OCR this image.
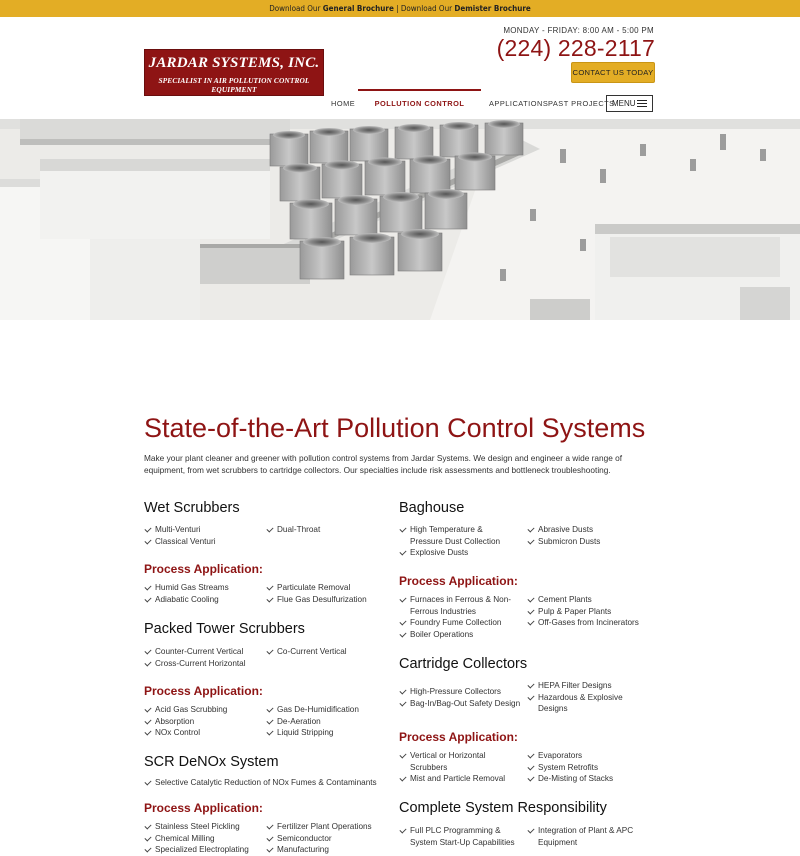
Download Our General Brochure | Download Our Demister Brochure
JARDAR SYSTEMS, INC.
SPECIALIST IN AIR POLLUTION CONTROL EQUIPMENT
MONDAY - FRIDAY: 8:00 AM - 5:00 PM
(224) 228-2117
CONTACT US TODAY
HOME	POLLUTION CONTROL	APPLICATIONS PAST PROJECTS
MENU
State-of-the-Art Pollution Control Systems

Make your plant cleaner and greener with pollution control systems from Jardar Systems. We design and engineer a wide range of equipment, from wet scrubbers to cartridge collectors. Our specialties include risk assessments and bottleneck troubleshooting.

Wet Scrubbers
Multi-Venturi
Classical Venturi
Dual-Throat
Process Application:
Humid Gas Streams
Adiabatic Cooling
Particulate Removal
Flue Gas Desulfurization
Packed Tower Scrubbers
Counter-Current Vertical
Cross-Current Horizontal
Co-Current Vertical
Process Application:
Acid Gas Scrubbing
Absorption
NOx Control
Gas De-Humidification
De-Aeration
Liquid Stripping
SCR DeNOx System
Selective Catalytic Reduction of NOx Fumes & Contaminants
Process Application:
Stainless Steel Pickling
Chemical Milling
Specialized Electroplating
Fertilizer Plant Operations
Semiconductor
Manufacturing
Baghouse
High Temperature &
Pressure Dust Collection
Explosive Dusts
Abrasive Dusts
Submicron Dusts
Process Application:
Furnaces in Ferrous & Non-
Ferrous Industries
Foundry Fume Collection
Boiler Operations
Cement Plants
Pulp & Paper Plants
Off-Gases from Incinerators
Cartridge Collectors
High-Pressure Collectors
Bag-In/Bag-Out Safety Design
HEPA Filter Designs
Hazardous & Explosive
Designs
Process Application:
Vertical or Horizontal
Scrubbers
Mist and Particle Removal
Evaporators
System Retrofits
De-Misting of Stacks
Complete System Responsibility
Full PLC Programming &
System Start-Up Capabilities
Integration of Plant & APC
Equipment
